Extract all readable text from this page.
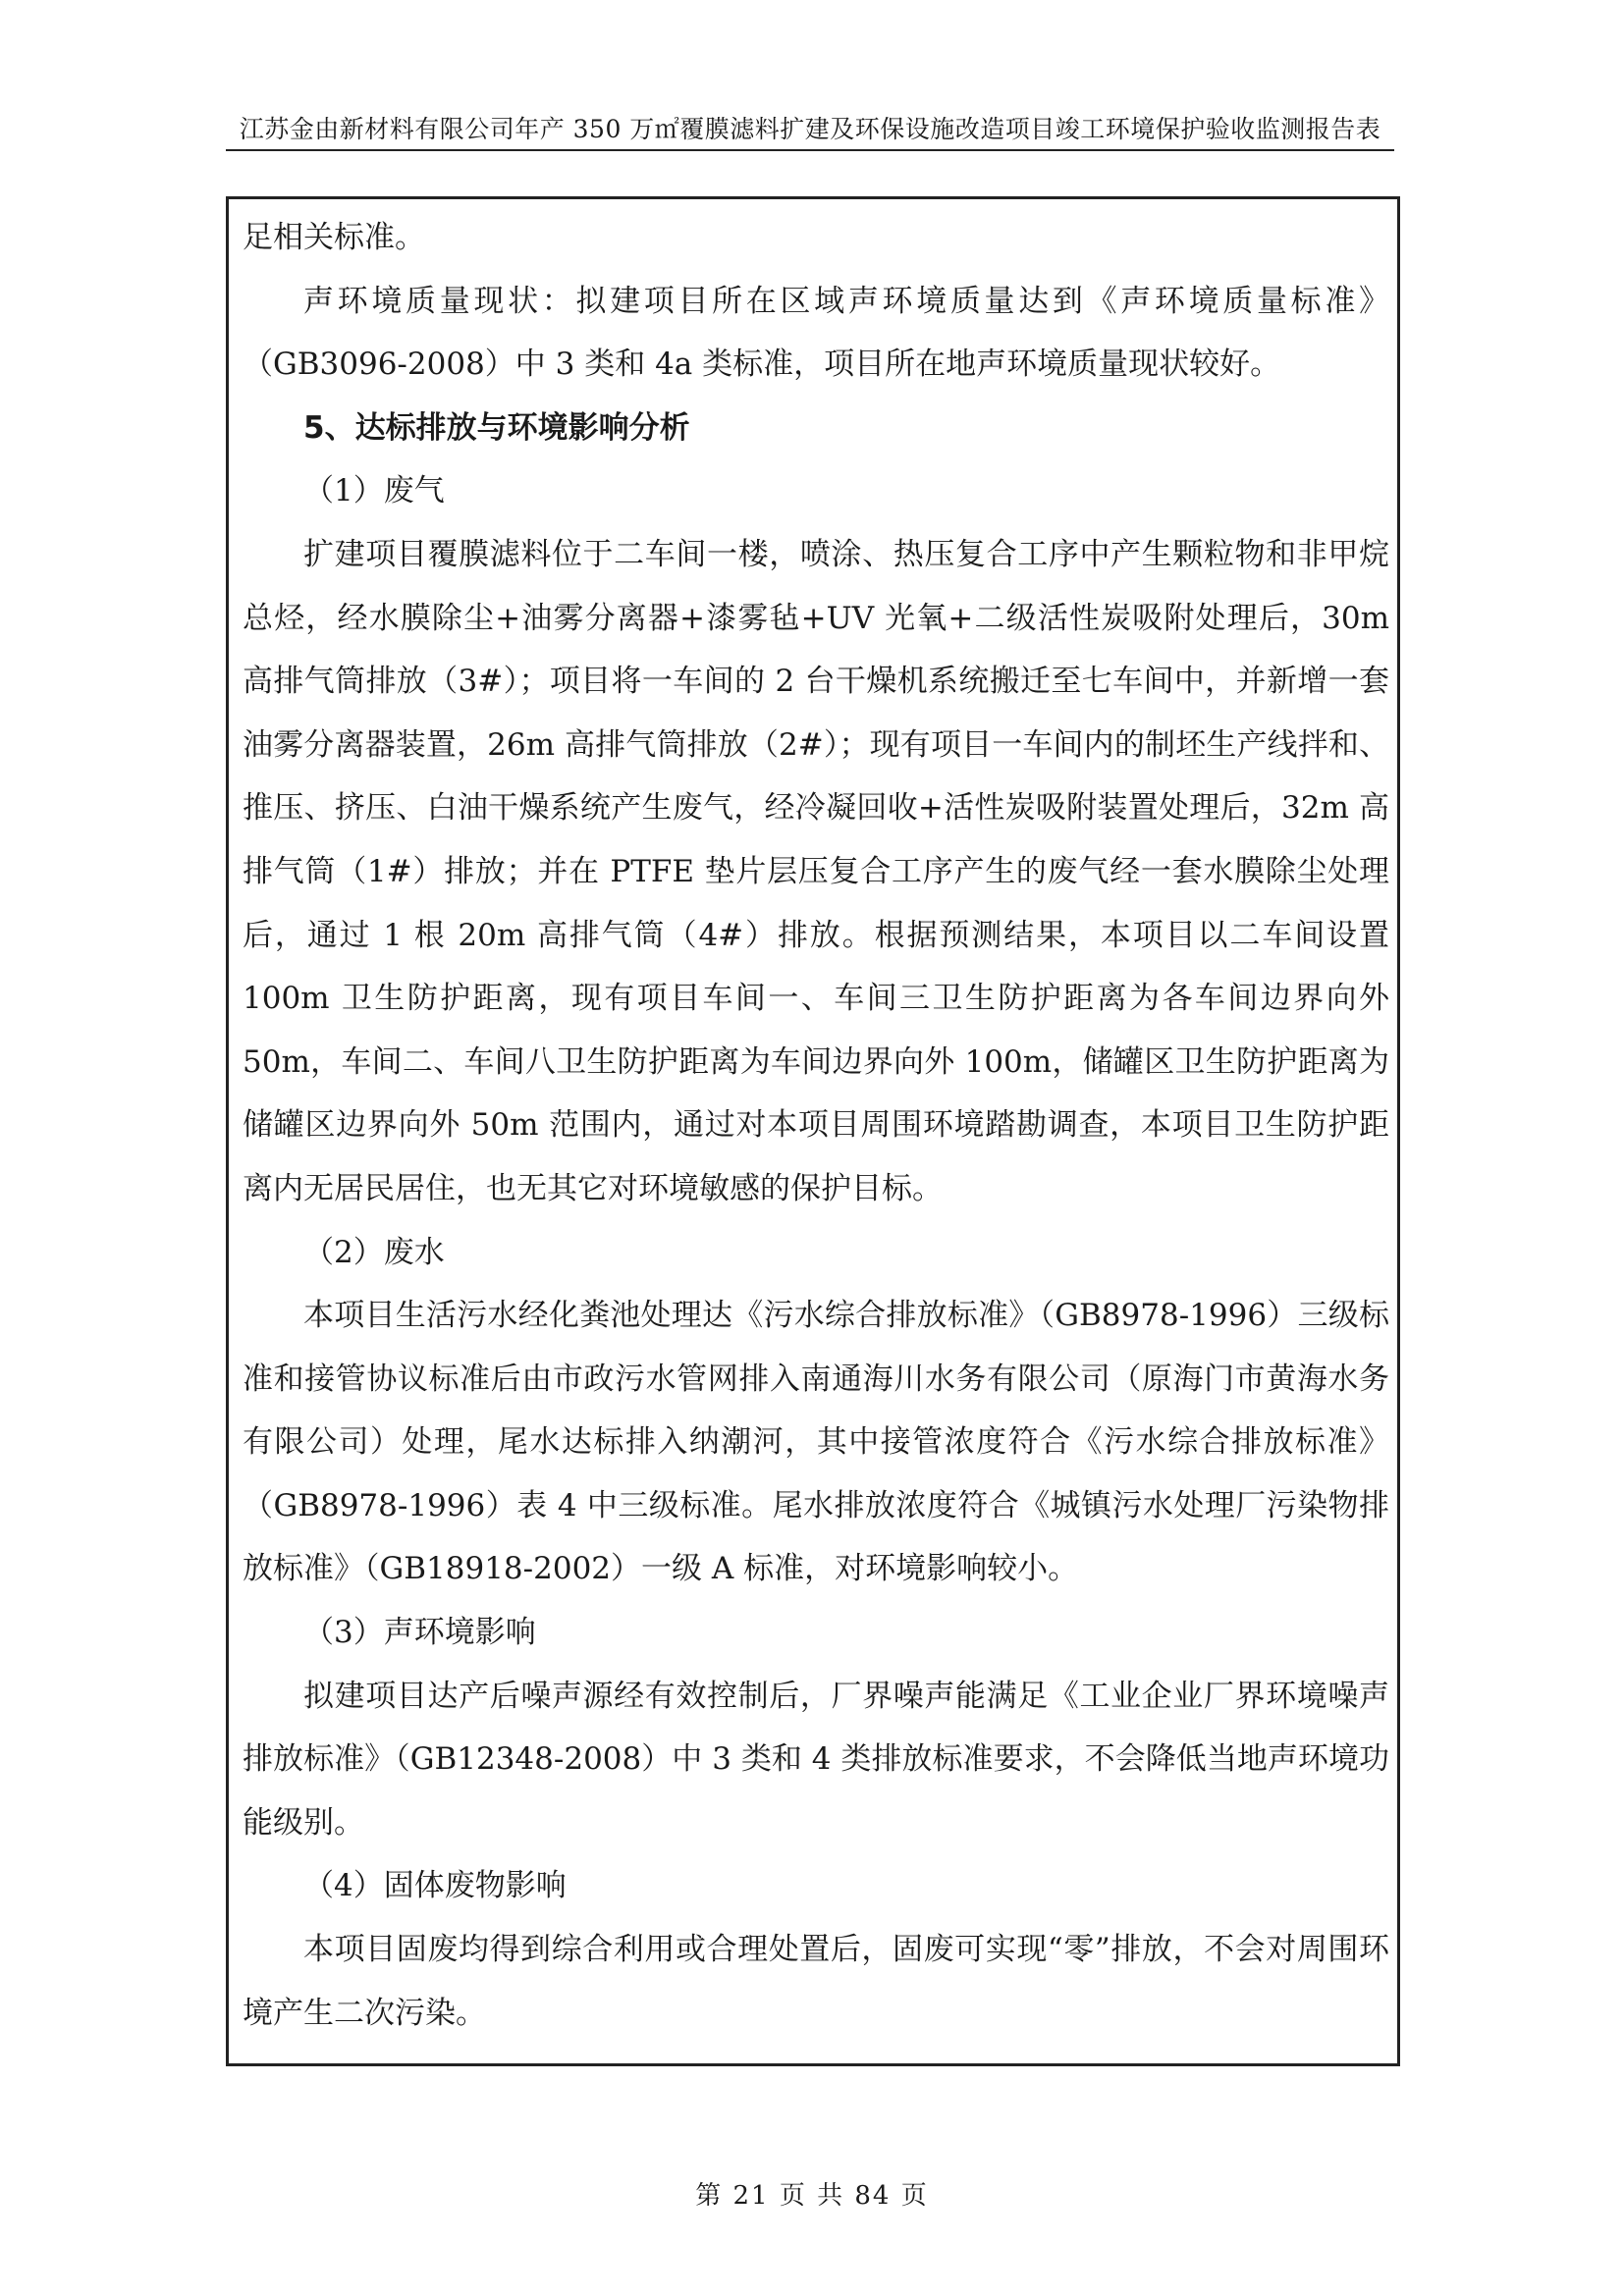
江苏金由新材料有限公司年产 350 万㎡覆膜滤料扩建及环保设施改造项目竣工环境保护验收监测报告表

足相关标准。

声环境质量现状：拟建项目所在区域声环境质量达到《声环境质量标准》（GB3096-2008）中 3 类和 4a 类标准，项目所在地声环境质量现状较好。

5、达标排放与环境影响分析

（1）废气

扩建项目覆膜滤料位于二车间一楼，喷涂、热压复合工序中产生颗粒物和非甲烷总烃，经水膜除尘+油雾分离器+漆雾毡+UV 光氧+二级活性炭吸附处理后，30m 高排气筒排放（3#）；项目将一车间的 2 台干燥机系统搬迁至七车间中，并新增一套油雾分离器装置，26m 高排气筒排放（2#）；现有项目一车间内的制坯生产线拌和、推压、挤压、白油干燥系统产生废气，经冷凝回收+活性炭吸附装置处理后，32m 高排气筒（1#）排放；并在 PTFE 垫片层压复合工序产生的废气经一套水膜除尘处理后，通过 1 根 20m 高排气筒（4#）排放。根据预测结果，本项目以二车间设置 100m 卫生防护距离，现有项目车间一、车间三卫生防护距离为各车间边界向外 50m，车间二、车间八卫生防护距离为车间边界向外 100m，储罐区卫生防护距离为储罐区边界向外 50m 范围内，通过对本项目周围环境踏勘调查，本项目卫生防护距离内无居民居住，也无其它对环境敏感的保护目标。

（2）废水

本项目生活污水经化粪池处理达《污水综合排放标准》（GB8978-1996）三级标准和接管协议标准后由市政污水管网排入南通海川水务有限公司（原海门市黄海水务有限公司）处理，尾水达标排入纳潮河，其中接管浓度符合《污水综合排放标准》（GB8978-1996）表 4 中三级标准。尾水排放浓度符合《城镇污水处理厂污染物排放标准》（GB18918-2002）一级 A 标准，对环境影响较小。

（3）声环境影响

拟建项目达产后噪声源经有效控制后，厂界噪声能满足《工业企业厂界环境噪声排放标准》（GB12348-2008）中 3 类和 4 类排放标准要求，不会降低当地声环境功能级别。

（4）固体废物影响

本项目固废均得到综合利用或合理处置后，固废可实现“零”排放，不会对周围环境产生二次污染。

第 21 页 共 84 页
